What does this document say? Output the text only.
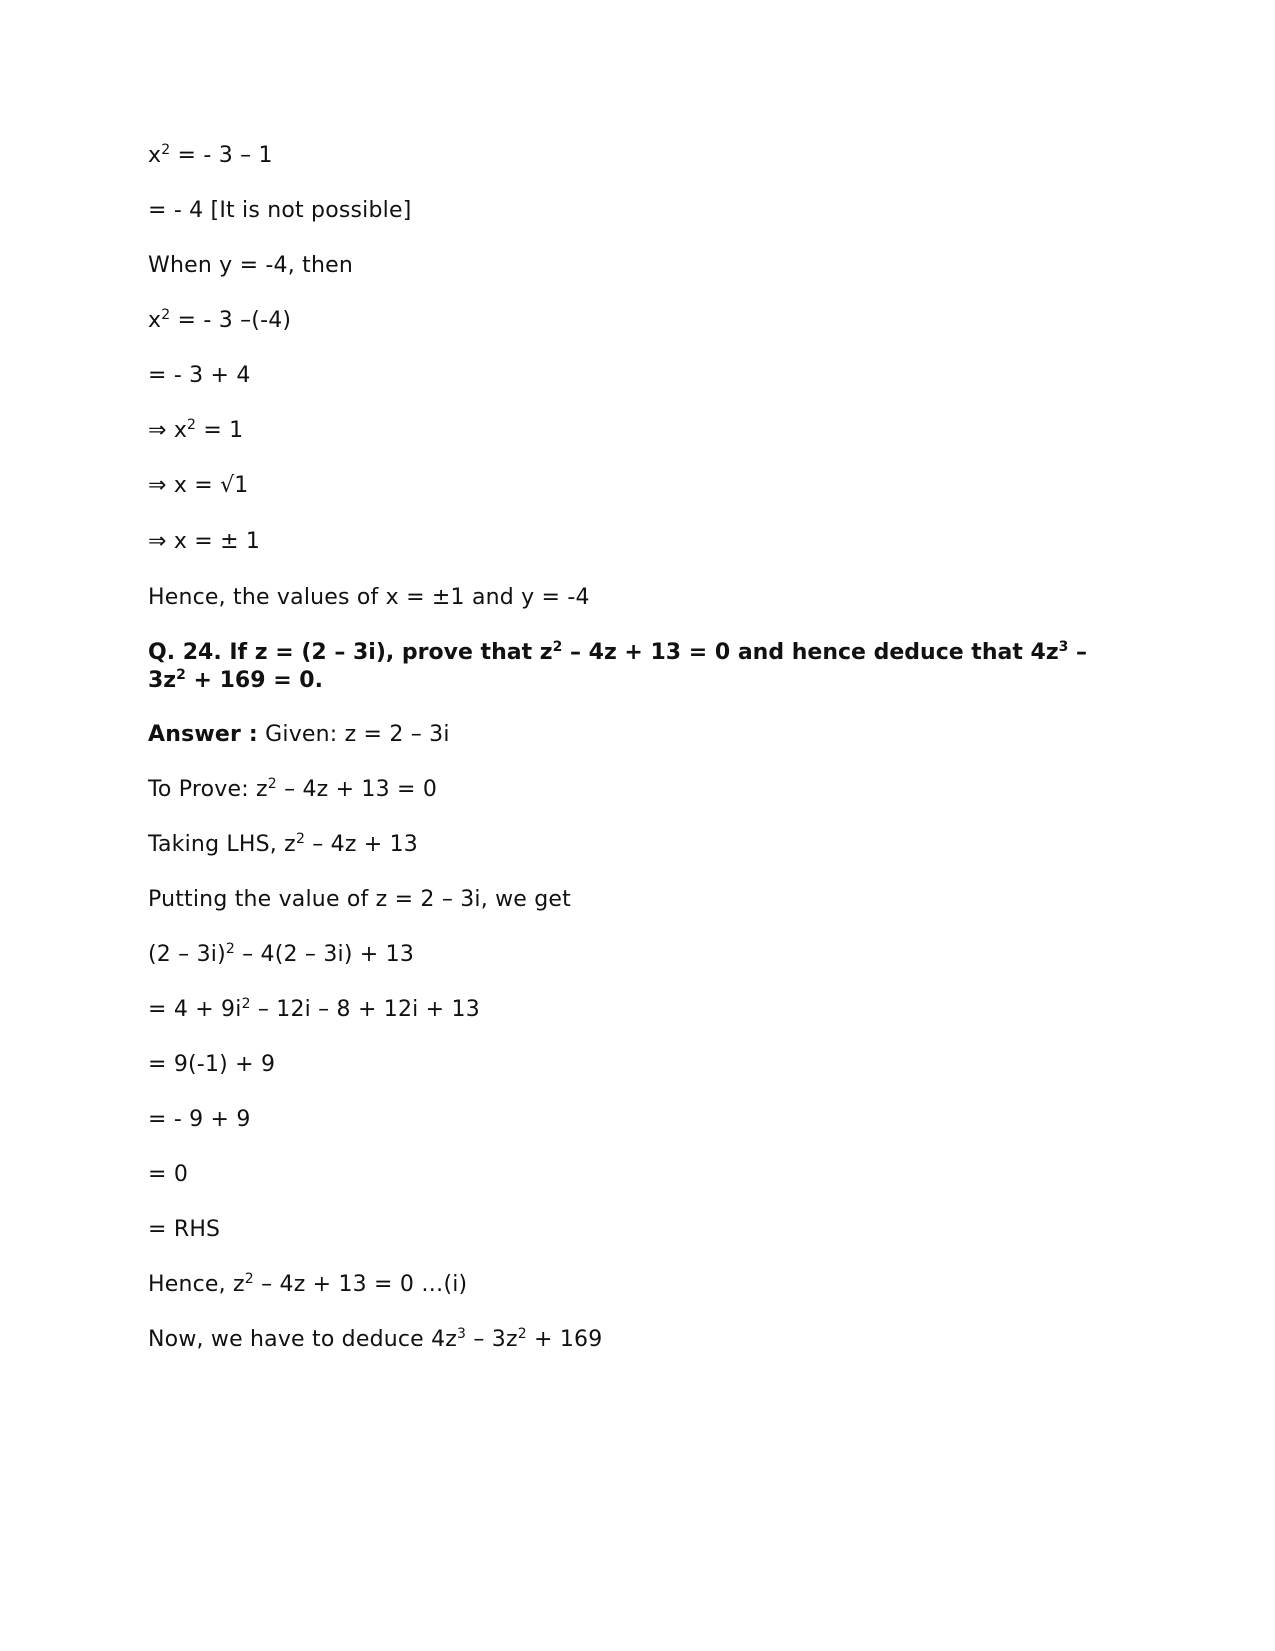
$x^2$ = - 3 – 1
= - 4 [It is not possible]
When y = -4, then
$x^2$ = - 3 –(-4)
= - 3 + 4
⇒ $x^2 = 1$
⇒ x = √1
⇒ x = ± 1
Hence, the values of x = ±1 and y = -4
Q. 24. If z = (2 – 3i), prove that $z^2 - 4z + 13 = 0$ and hence deduce that $4z^3 - 3z^2 + 169 = 0$.
Answer : Given: z = 2 – 3i
To Prove: $z^2 - 4z + 13 = 0$
Taking LHS, $z^2 - 4z + 13$
Putting the value of z = 2 – 3i, we get
(2 – 3i)$^2$ – 4(2 – 3i) + 13
= $4 + 9i^2 - 12i - 8 + 12i + 13$
= 9(-1) + 9
= - 9 + 9
= 0
= RHS
Hence, $z^2 - 4z + 13 = 0$ …(i)
Now, we have to deduce $4z^3 - 3z^2 + 169$
